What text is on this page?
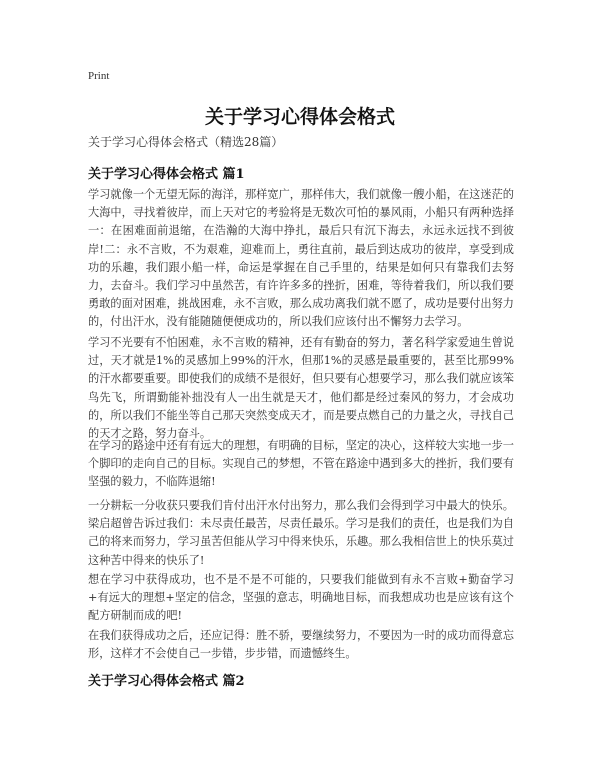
Print
关于学习心得体会格式

关于学习心得体会格式（精选28篇）

关于学习心得体会格式 篇1

学习就像一个无望无际的海洋，那样宽广，那样伟大，我们就像一艘小船，在这迷茫的大海中，寻找着彼岸，而上天对它的考验将是无数次可怕的暴风雨，小船只有两种选择一：在困难面前退缩，在浩瀚的大海中挣扎，最后只有沉下海去，永远永远找不到彼岸!二：永不言败，不为艰难，迎难而上，勇往直前，最后到达成功的彼岸，享受到成功的乐趣，我们跟小船一样，命运是掌握在自己手里的，结果是如何只有靠我们去努力，去奋斗。我们学习中虽然苦，有许许多多的挫折，困难，等待着我们，所以我们要勇敢的面对困难，挑战困难，永不言败，那么成功离我们就不愿了，成功是要付出努力的，付出汗水，没有能随随便便成功的，所以我们应该付出不懈努力去学习。

学习不光要有不怕困难，永不言败的精神，还有有勤奋的努力，著名科学家爱迪生曾说过，天才就是1%的灵感加上99%的汗水，但那1%的灵感是最重要的，甚至比那99%的汗水都要重要。即使我们的成绩不是很好，但只要有心想要学习，那么我们就应该笨鸟先飞，所谓勤能补拙没有人一出生就是天才，他们都是经过秦风的努力，才会成功的，所以我们不能坐等自己那天突然变成天才，而是要点燃自己的力量之火，寻找自己的天才之路，努力奋斗。

在学习的路途中还有有远大的理想，有明确的目标，坚定的决心，这样较大实地一步一个脚印的走向自己的目标。实现自己的梦想，不管在路途中遇到多大的挫折，我们要有坚强的毅力，不临阵退缩!

一分耕耘一分收获只要我们肯付出汗水付出努力，那么我们会得到学习中最大的快乐。梁启超曾告诉过我们：未尽责任最苦，尽责任最乐。学习是我们的责任，也是我们为自己的将来而努力，学习虽苦但能从学习中得来快乐，乐趣。那么我相信世上的快乐莫过这种苦中得来的快乐了!

想在学习中获得成功，也不是不是不可能的，只要我们能做到有永不言败+勤奋学习+有远大的理想+坚定的信念，坚强的意志，明确地目标，而我想成功也是应该有这个配方研制而成的吧!

在我们获得成功之后，还应记得：胜不骄，要继续努力，不要因为一时的成功而得意忘形，这样才不会使自己一步错，步步错，而遗憾终生。

关于学习心得体会格式 篇2
